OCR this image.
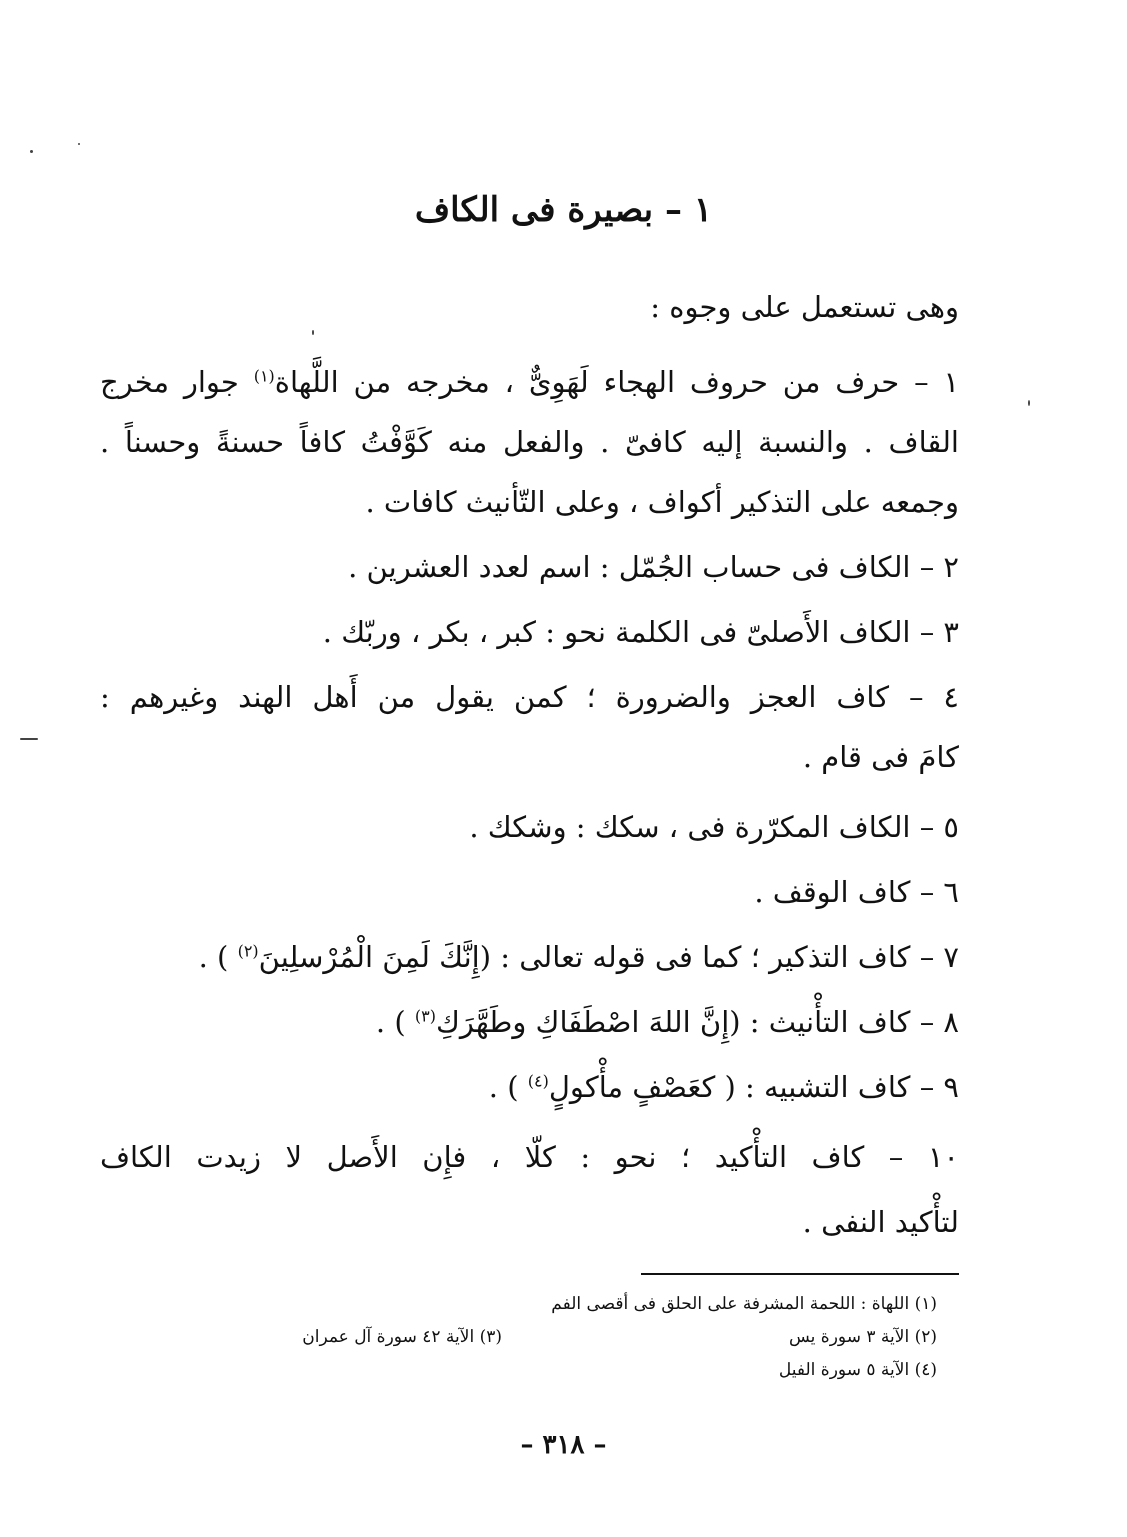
١ – بصيرة فى الكاف
وهى تستعمل على وجوه :
١ – حرف من حروف الهجاء لَهَوِىٌّ ، مخرجه من اللَّهاة$^{(١)}$ جوار مخرج
القاف . والنسبة إليه كافىّ . والفعل منه كَوَّفْتُ كافاً حسنةً وحسناً .
وجمعه على التذكير أكواف ، وعلى التّأنيث كافات .
٢ – الكاف فى حساب الجُمّل : اسم لعدد العشرين .
٣ – الكاف الأَصلىّ فى الكلمة نحو : كبر ، بكر ، وربّك .
٤ – كاف العجز والضرورة ؛ كمن يقول من أَهل الهند وغيرهم :
كامَ فى قام .
٥ – الكاف المكرّرة فى ، سكك : وشكك .
٦ – كاف الوقف .
٧ – كاف التذكير ؛ كما فى قوله تعالى : (إِنَّكَ لَمِنَ الْمُرْسلِينَ$^{(٢)}$ ) .
٨ – كاف التأْنيث : (إِنَّ اللهَ اصْطَفَاكِ وطَهَّرَكِ$^{(٣)}$ ) .
٩ – كاف التشبيه : ( كعَصْفٍ مأْكولٍ$^{(٤)}$ ) .
١٠ – كاف التأْكيد ؛ نحو : كلّا ، فإِن الأَصل لا زيدت الكاف
لتأْكيد النفى .
(١) اللهاة : اللحمة المشرفة على الحلق فى أقصى الفم
(٢) الآية ٣ سورة يس
(٣) الآية ٤٢ سورة آل عمران
(٤) الآية ٥ سورة الفيل
– ٣١٨ –
